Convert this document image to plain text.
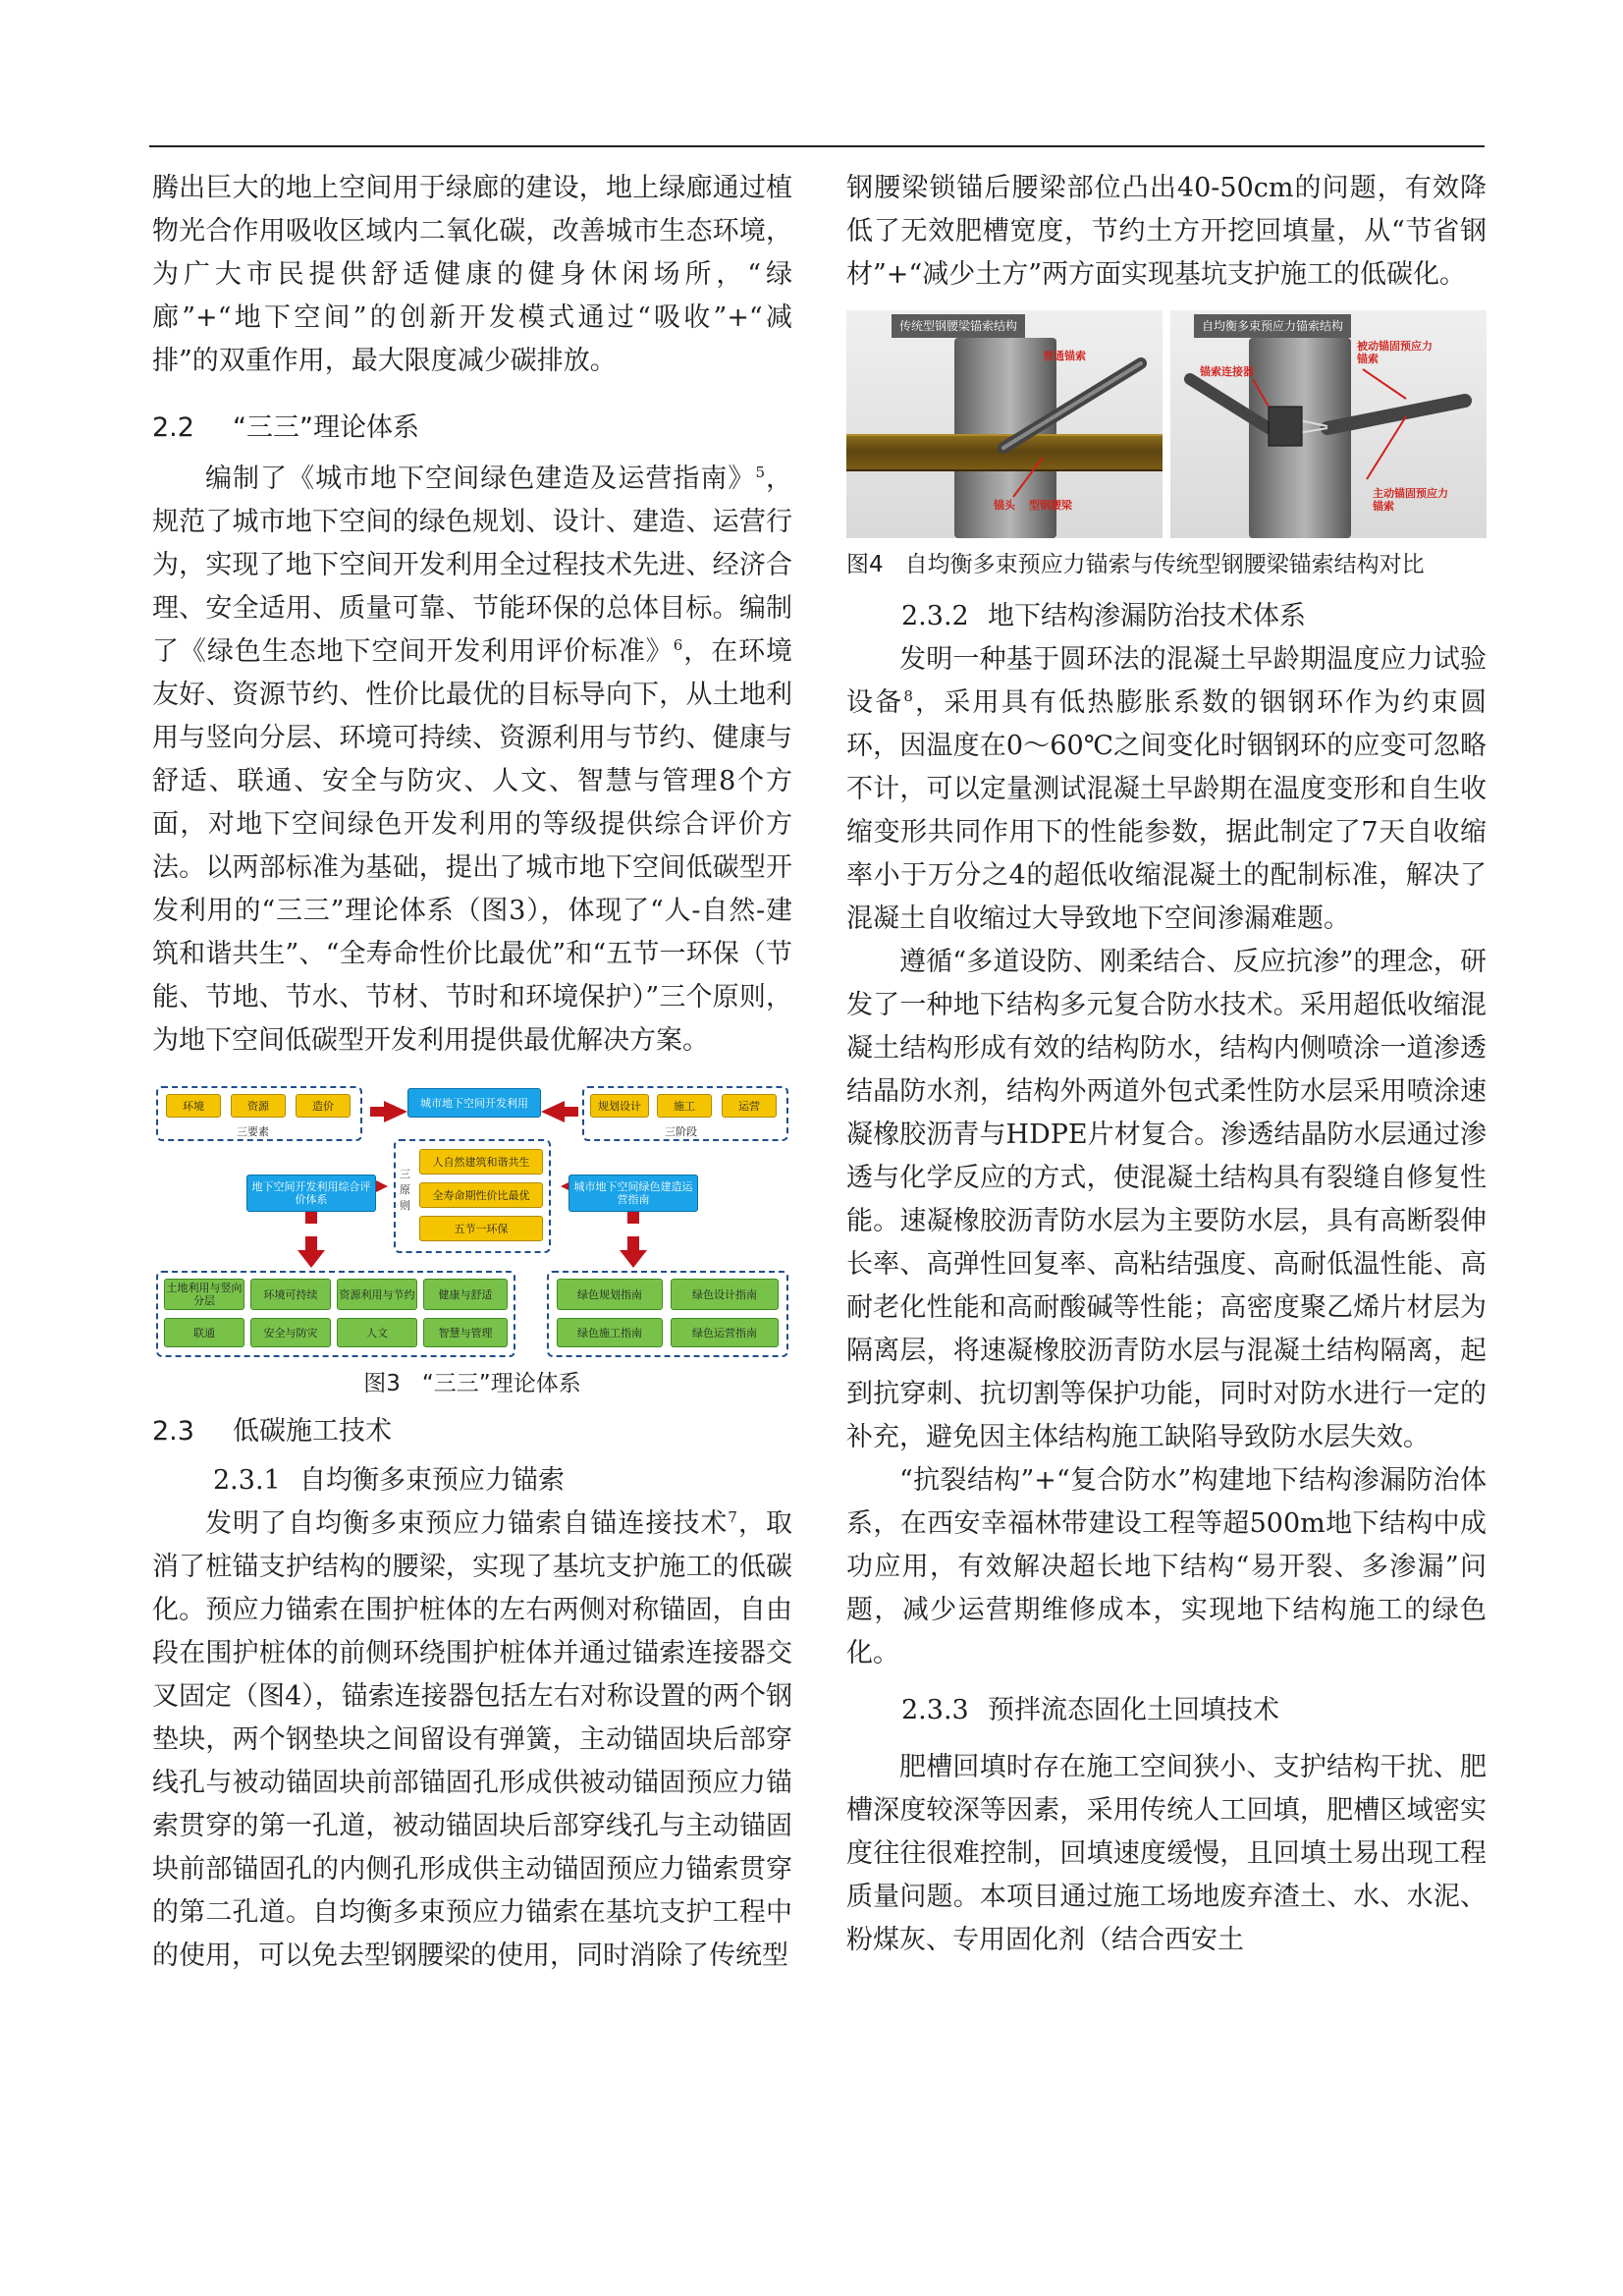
腾出巨大的地上空间用于绿廊的建设，地上绿廊通过植物光合作用吸收区域内二氧化碳，改善城市生态环境，为广大市民提供舒适健康的健身休闲场所，“绿廊”+“地下空间”的创新开发模式通过“吸收”+“减排”的双重作用，最大限度减少碳排放。

2.2 “三三”理论体系

编制了《城市地下空间绿色建造及运营指南》$^5$，规范了城市地下空间的绿色规划、设计、建造、运营行为，实现了地下空间开发利用全过程技术先进、经济合理、安全适用、质量可靠、节能环保的总体目标。编制了《绿色生态地下空间开发利用评价标准》$^6$，在环境友好、资源节约、性价比最优的目标导向下，从土地利用与竖向分层、环境可持续、资源利用与节约、健康与舒适、联通、安全与防灾、人文、智慧与管理8个方面，对地下空间绿色开发利用的等级提供综合评价方法。以两部标准为基础，提出了城市地下空间低碳型开发利用的“三三”理论体系（图3），体现了“人-自然-建筑和谐共生”、“全寿命性价比最优”和“五节一环保（节能、节地、节水、节材、节时和环境保护）”三个原则，为地下空间低碳型开发利用提供最优解决方案。

环境	资源	造价
三要素
城市地下空间开发利用	规划设计	施工	运营
三阶段
三原则
人自然建筑和谐共生
全寿命期性价比最优
五节一环保
地下空间开发利用综合评价体系
城市地下空间绿色建造运营指南
土地利用与竖向分层	环境可持续	资源利用与节约	健康与舒适
联通	安全与防灾	人文	智慧与管理
绿色规划指南	绿色设计指南
绿色施工指南	绿色运营指南
图3 “三三”理论体系
2.3 低碳施工技术
2.3.1 自均衡多束预应力锚索

发明了自均衡多束预应力锚索自锚连接技术$^7$，取消了桩锚支护结构的腰梁，实现了基坑支护施工的低碳化。预应力锚索在围护桩体的左右两侧对称锚固，自由段在围护桩体的前侧环绕围护桩体并通过锚索连接器交叉固定（图4），锚索连接器包括左右对称设置的两个钢垫块，两个钢垫块之间留设有弹簧，主动锚固块后部穿线孔与被动锚固块前部锚固孔形成供被动锚固预应力锚索贯穿的第一孔道，被动锚固块后部穿线孔与主动锚固块前部锚固孔的内侧孔形成供主动锚固预应力锚索贯穿的第二孔道。自均衡多束预应力锚索在基坑支护工程中的使用，可以免去型钢腰梁的使用，同时消除了传统型

钢腰梁锁锚后腰梁部位凸出40-50cm的问题，有效降低了无效肥槽宽度，节约土方开挖回填量，从“节省钢材”+“减少土方”两方面实现基坑支护施工的低碳化。

传统型钢腰梁锚索结构
普通锚索
锚头 型钢腰梁
自均衡多束预应力锚索结构
锚索连接器
被动锚固预应力锚索
主动锚固预应力锚索
图4 自均衡多束预应力锚索与传统型钢腰梁锚索结构对比
2.3.2 地下结构渗漏防治技术体系

发明一种基于圆环法的混凝土早龄期温度应力试验设备$^8$，采用具有低热膨胀系数的铟钢环作为约束圆环，因温度在0～60℃之间变化时铟钢环的应变可忽略不计，可以定量测试混凝土早龄期在温度变形和自生收缩变形共同作用下的性能参数，据此制定了7天自收缩率小于万分之4的超低收缩混凝土的配制标准，解决了混凝土自收缩过大导致地下空间渗漏难题。

遵循“多道设防、刚柔结合、反应抗渗”的理念，研发了一种地下结构多元复合防水技术。采用超低收缩混凝土结构形成有效的结构防水，结构内侧喷涂一道渗透结晶防水剂，结构外两道外包式柔性防水层采用喷涂速凝橡胶沥青与HDPE片材复合。渗透结晶防水层通过渗透与化学反应的方式，使混凝土结构具有裂缝自修复性能。速凝橡胶沥青防水层为主要防水层，具有高断裂伸长率、高弹性回复率、高粘结强度、高耐低温性能、高耐老化性能和高耐酸碱等性能；高密度聚乙烯片材层为隔离层，将速凝橡胶沥青防水层与混凝土结构隔离，起到抗穿刺、抗切割等保护功能，同时对防水进行一定的补充，避免因主体结构施工缺陷导致防水层失效。

“抗裂结构”+“复合防水”构建地下结构渗漏防治体系，在西安幸福林带建设工程等超500m地下结构中成功应用，有效解决超长地下结构“易开裂、多渗漏”问题，减少运营期维修成本，实现地下结构施工的绿色化。

2.3.3 预拌流态固化土回填技术

肥槽回填时存在施工空间狭小、支护结构干扰、肥槽深度较深等因素，采用传统人工回填，肥槽区域密实度往往很难控制，回填速度缓慢，且回填土易出现工程质量问题。本项目通过施工场地废弃渣土、水、水泥、粉煤灰、专用固化剂（结合西安土
